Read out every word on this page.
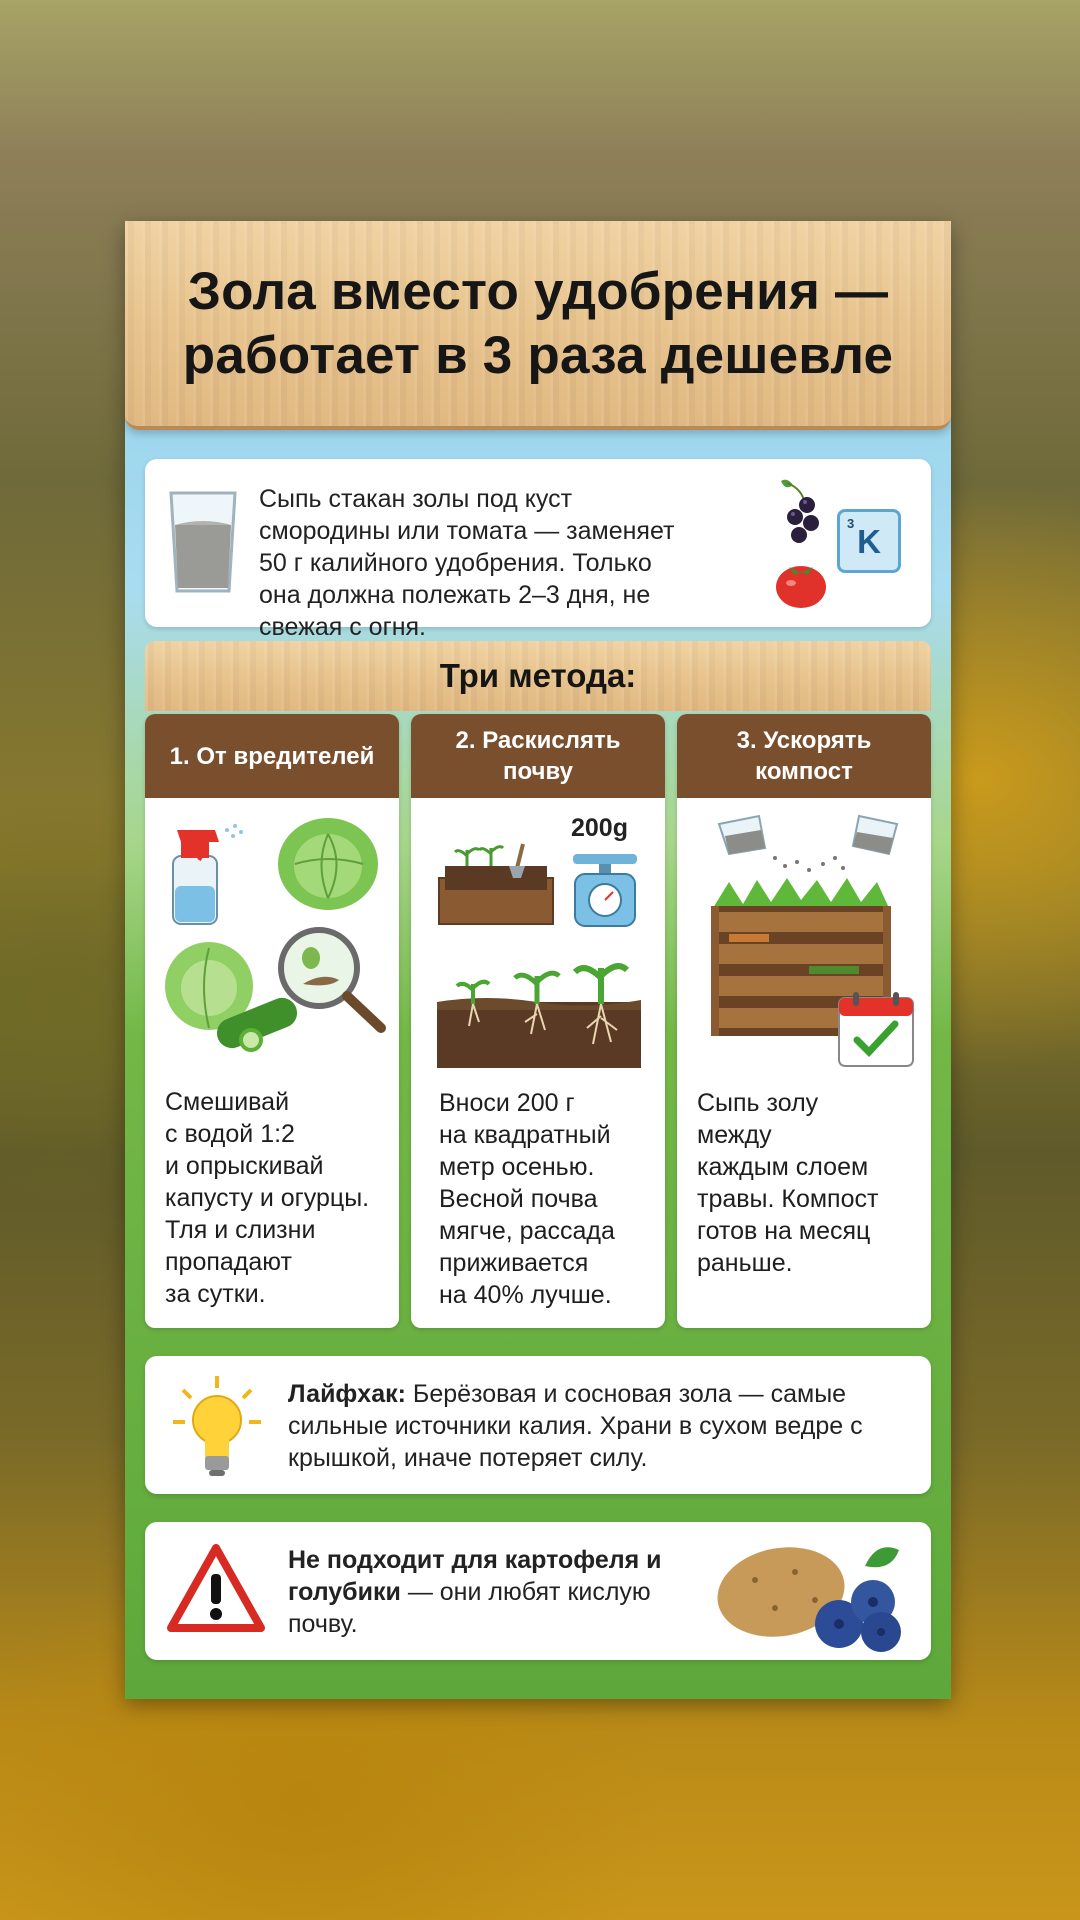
Зола вместо удобрения —
работает в 3 раза дешевле

Сыпь стакан золы под куст смородины или томата — заменяет 50 г калийного удобрения. Только она должна полежать 2–3 дня, не свежая с огня.

3 K
Три метода:
1. От вредителей

Смешивай
с водой 1:2
и опрыскивай
капусту и огурцы.
Тля и слизни
пропадают
за сутки.

2. Раскислять почву
200g

Вноси 200 г
на квадратный
метр осенью.
Весной почва
мягче, рассада
приживается
на 40% лучше.

3. Ускорять компост

Сыпь золу
между
каждым слоем
травы. Компост
готов на месяц
раньше.

Лайфхак: Берёзовая и сосновая зола — самые сильные источники калия. Храни в сухом ведре с крышкой, иначе потеряет силу.

Не подходит для картофеля и голубики — они любят кислую почву.
